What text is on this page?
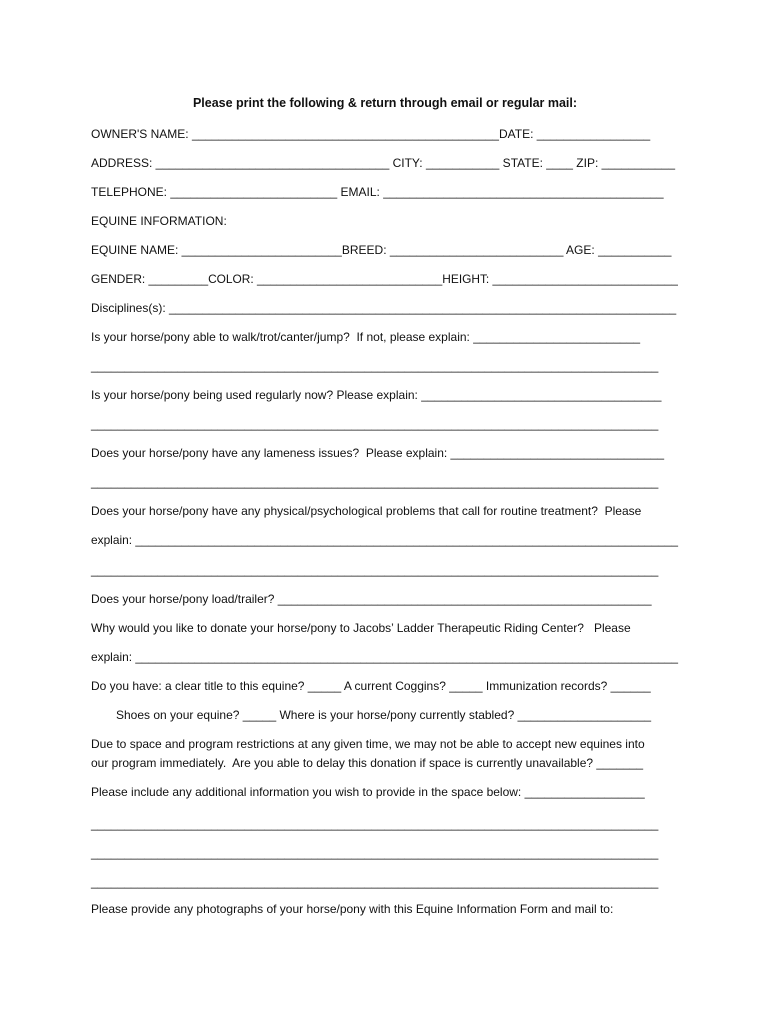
Please print the following & return through email or regular mail:
OWNER'S NAME: ______________________________________________DATE: _________________
ADDRESS: ___________________________________ CITY: ___________ STATE: ____ ZIP: ___________
TELEPHONE: _________________________ EMAIL: __________________________________________
EQUINE INFORMATION:
EQUINE NAME: ________________________BREED: __________________________ AGE: ___________
GENDER: _________COLOR: ____________________________HEIGHT: ____________________________
Disciplines(s): ____________________________________________________________________________
Is your horse/pony able to walk/trot/canter/jump?  If not, please explain: _________________________
_____________________________________________________________________________________
Is your horse/pony being used regularly now? Please explain: ____________________________________
_____________________________________________________________________________________
Does your horse/pony have any lameness issues?  Please explain: ________________________________
_____________________________________________________________________________________
Does your horse/pony have any physical/psychological problems that call for routine treatment?  Please
explain: __________________________________________________________________________________
_____________________________________________________________________________________
Does your horse/pony load/trailer? ________________________________________________________
Why would you like to donate your horse/pony to Jacobs’ Ladder Therapeutic Riding Center?   Please
explain: __________________________________________________________________________________
Do you have: a clear title to this equine? _____ A current Coggins? _____ Immunization records? ______
Shoes on your equine? _____ Where is your horse/pony currently stabled? ____________________
Due to space and program restrictions at any given time, we may not be able to accept new equines into
our program immediately.  Are you able to delay this donation if space is currently unavailable? _______
Please include any additional information you wish to provide in the space below: __________________
_____________________________________________________________________________________
_____________________________________________________________________________________
_____________________________________________________________________________________
Please provide any photographs of your horse/pony with this Equine Information Form and mail to:
